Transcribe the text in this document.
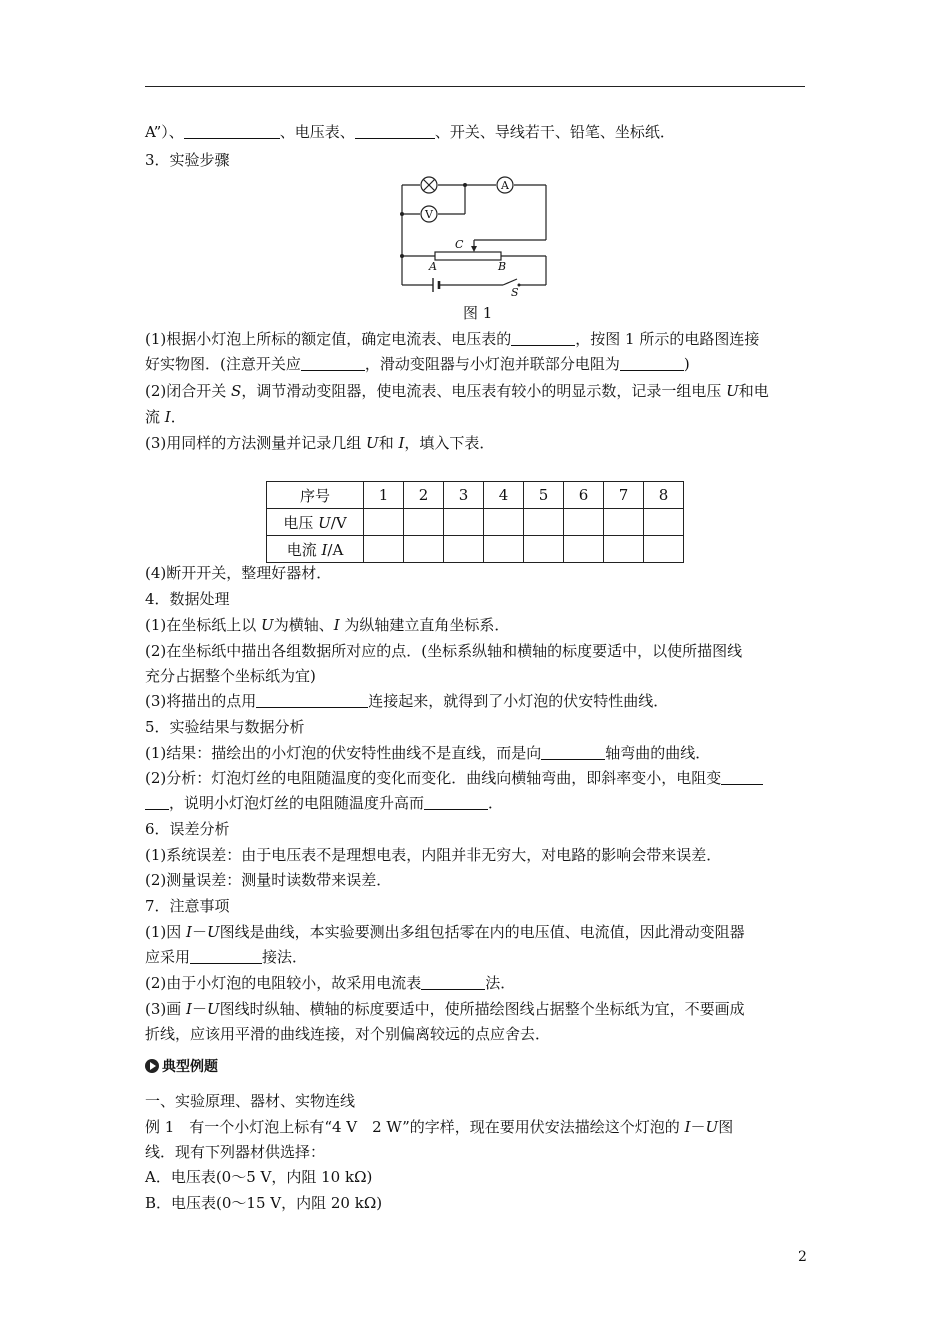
A”）、	、电压表、	、开关、导线若干、铅笔、坐标纸．
3．实验步骤
A
V
C
A	B
S
图 1
(1)根据小灯泡上所标的额定值，确定电流表、电压表的	，按图 1 所示的电路图连接
好实物图．(注意开关应	，滑动变阻器与小灯泡并联部分电阻为	)
(2)闭合开关 S，调节滑动变阻器，使电流表、电压表有较小的明显示数，记录一组电压 U和电
流 I．
(3)用同样的方法测量并记录几组 U和 I，填入下表．
序号	1	2	3	4	5	6	7	8
电压 U/V								
电流 I/A								
(4)断开开关，整理好器材．
4．数据处理
(1)在坐标纸上以 U为横轴、I 为纵轴建立直角坐标系．
(2)在坐标纸中描出各组数据所对应的点．(坐标系纵轴和横轴的标度要适中，以使所描图线
充分占据整个坐标纸为宜)
(3)将描出的点用	连接起来，就得到了小灯泡的伏安特性曲线．
5．实验结果与数据分析
(1)结果：描绘出的小灯泡的伏安特性曲线不是直线，而是向	轴弯曲的曲线．
(2)分析：灯泡灯丝的电阻随温度的变化而变化．曲线向横轴弯曲，即斜率变小，电阻变
，说明小灯泡灯丝的电阻随温度升高而	．
6．误差分析
(1)系统误差：由于电压表不是理想电表，内阻并非无穷大，对电路的影响会带来误差．
(2)测量误差：测量时读数带来误差．
7．注意事项
(1)因 I－U图线是曲线，本实验要测出多组包括零在内的电压值、电流值，因此滑动变阻器
应采用	接法．
(2)由于小灯泡的电阻较小，故采用电流表	法．
(3)画 I－U图线时纵轴、横轴的标度要适中，使所描绘图线占据整个坐标纸为宜，不要画成
折线，应该用平滑的曲线连接，对个别偏离较远的点应舍去．
典型例题
一、实验原理、器材、实物连线
例 1　有一个小灯泡上标有“4 V　2 W”的字样，现在要用伏安法描绘这个灯泡的 I－U图
线．现有下列器材供选择：
A．电压表(0～5 V，内阻 10 kΩ)
B．电压表(0～15 V，内阻 20 kΩ)
2
